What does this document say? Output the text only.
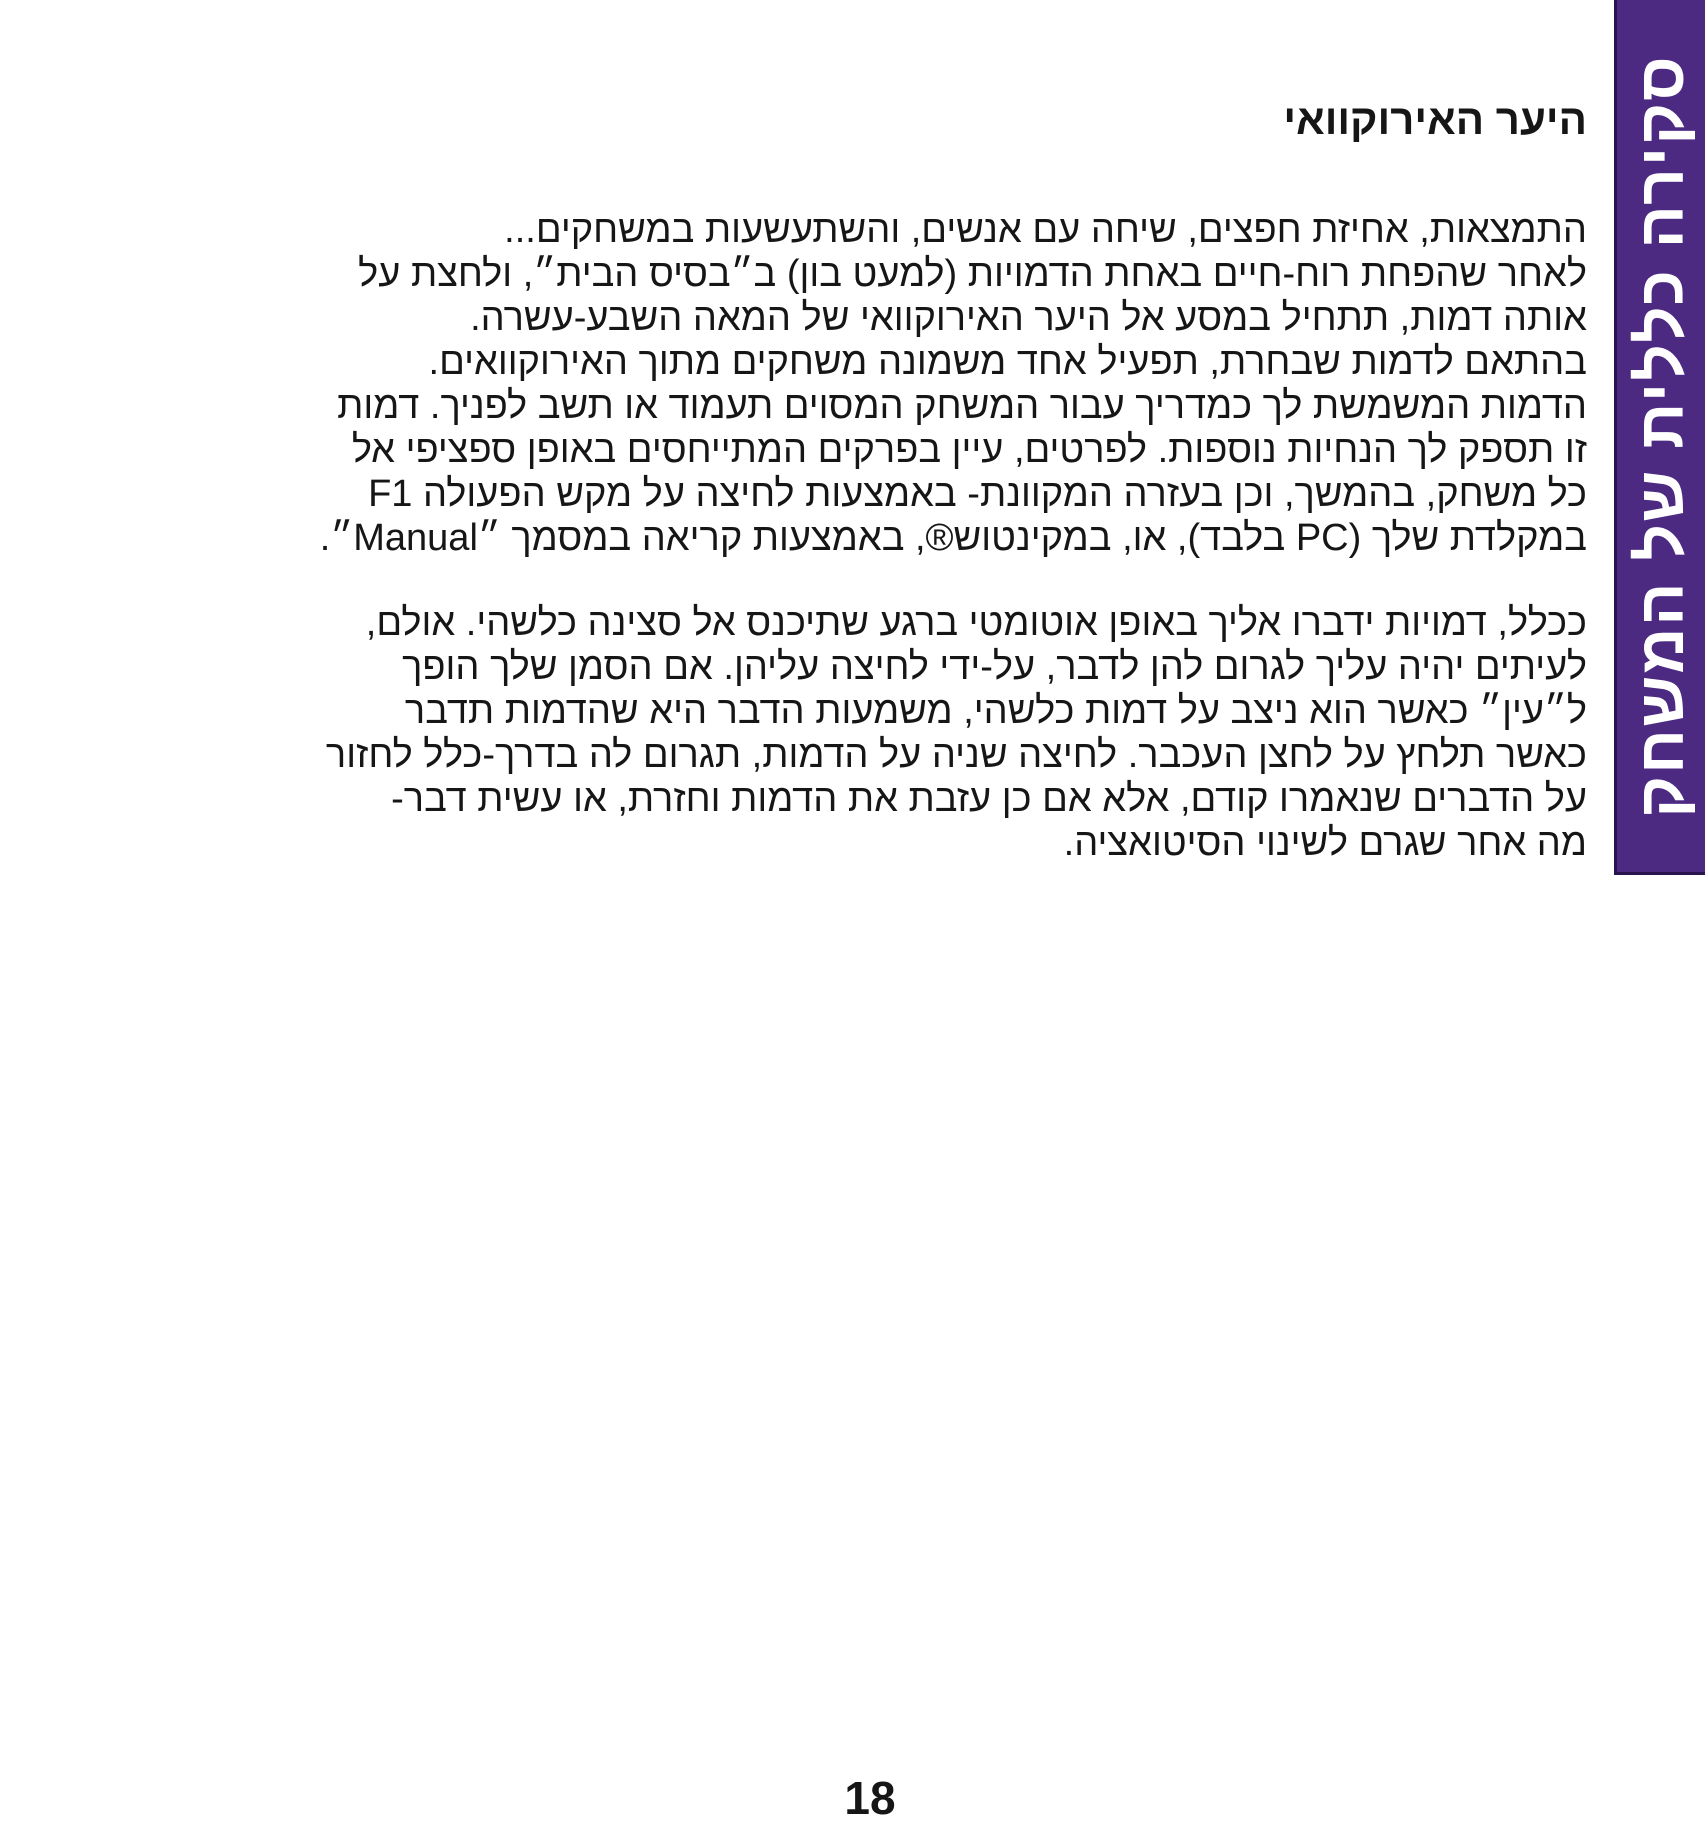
סקירה כללית של המשחק
היער האירוקוואי

התמצאות, אחיזת חפצים, שיחה עם אנשים, והשתעשעות במשחקים...
לאחר שהפחת רוח-חיים באחת הדמויות (למעט בון) ב״בסיס הבית״, ולחצת על
אותה דמות, תתחיל במסע אל היער האירוקוואי של המאה השבע-עשרה.
בהתאם לדמות שבחרת, תפעיל אחד משמונה משחקים מתוך האירוקוואים.
הדמות המשמשת לך כמדריך עבור המשחק המסוים תעמוד או תשב לפניך. דמות
זו תספק לך הנחיות נוספות. לפרטים, עיין בפרקים המתייחסים באופן ספציפי אל
כל משחק, בהמשך, וכן בעזרה המקוונת- באמצעות לחיצה על מקש הפעולה F1
במקלדת שלך (PC בלבד), או, במקינטוש®, באמצעות קריאה במסמך ״Manual״.

ככלל, דמויות ידברו אליך באופן אוטומטי ברגע שתיכנס אל סצינה כלשהי. אולם,
לעיתים יהיה עליך לגרום להן לדבר, על-ידי לחיצה עליהן. אם הסמן שלך הופך
ל״עין״ כאשר הוא ניצב על דמות כלשהי, משמעות הדבר היא שהדמות תדבר
כאשר תלחץ על לחצן העכבר. לחיצה שניה על הדמות, תגרום לה בדרך-כלל לחזור
על הדברים שנאמרו קודם, אלא אם כן עזבת את הדמות וחזרת, או עשית דבר-
מה אחר שגרם לשינוי הסיטואציה.

18
